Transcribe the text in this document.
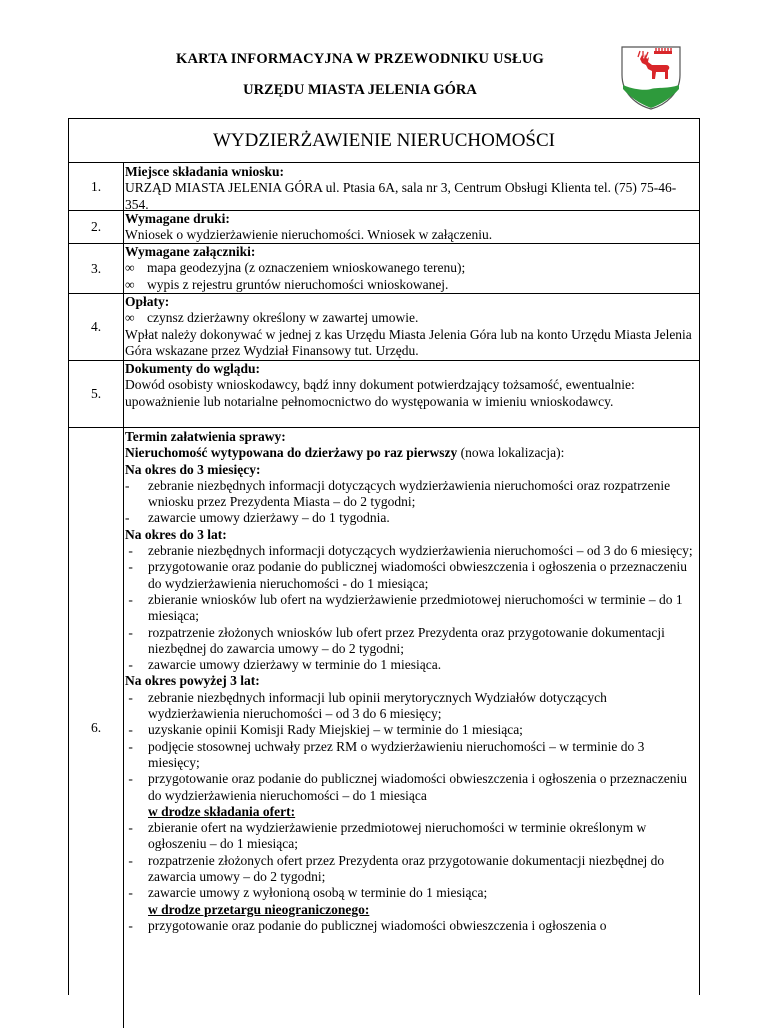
KARTA INFORMACYJNA W PRZEWODNIKU USŁUG
URZĘDU MIASTA JELENIA GÓRA
WYDZIERŻAWIENIE NIERUCHOMOŚCI
1.
Miejsce składania wniosku:
URZĄD MIASTA JELENIA GÓRA ul. Ptasia 6A, sala nr 3, Centrum Obsługi Klienta tel. (75) 75-46-354.
2.
Wymagane druki:
Wniosek o wydzierżawienie nieruchomości. Wniosek w załączeniu.
3.
Wymagane załączniki:
∞ mapa geodezyjna (z oznaczeniem wnioskowanego terenu);
∞ wypis z rejestru gruntów nieruchomości wnioskowanej.
4.
Opłaty:
∞ czynsz dzierżawny określony w zawartej umowie.
Wpłat należy dokonywać w jednej z kas Urzędu Miasta Jelenia Góra lub na konto Urzędu Miasta Jelenia Góra wskazane przez Wydział Finansowy tut. Urzędu.
5.
Dokumenty do wglądu:
Dowód osobisty wnioskodawcy, bądź inny dokument potwierdzający tożsamość, ewentualnie: upoważnienie lub notarialne pełnomocnictwo do występowania w imieniu wnioskodawcy.
6.
Termin załatwienia sprawy:
Nieruchomość wytypowana do dzierżawy po raz pierwszy (nowa lokalizacja):
Na okres do 3 miesięcy:
-	zebranie niezbędnych informacji dotyczących wydzierżawienia nieruchomości oraz rozpatrzenie wniosku przez Prezydenta Miasta – do 2 tygodni;
-	zawarcie umowy dzierżawy – do 1 tygodnia.
Na okres do 3 lat:
-	zebranie niezbędnych informacji dotyczących wydzierżawienia nieruchomości – od 3 do 6 miesięcy;
-	przygotowanie oraz podanie do publicznej wiadomości obwieszczenia i ogłoszenia o przeznaczeniu do wydzierżawienia nieruchomości - do 1 miesiąca;
-	zbieranie wniosków lub ofert na wydzierżawienie przedmiotowej nieruchomości w terminie – do 1 miesiąca;
-	rozpatrzenie złożonych wniosków lub ofert przez Prezydenta oraz przygotowanie dokumentacji niezbędnej do zawarcia umowy – do 2 tygodni;
-	zawarcie umowy dzierżawy w terminie do 1 miesiąca.
Na okres powyżej 3 lat:
-	zebranie niezbędnych informacji lub opinii merytorycznych Wydziałów dotyczących wydzierżawienia nieruchomości – od 3 do 6 miesięcy;
-	uzyskanie opinii Komisji Rady Miejskiej – w terminie do 1 miesiąca;
-	podjęcie stosownej uchwały przez RM o wydzierżawieniu nieruchomości – w terminie do 3 miesięcy;
-	przygotowanie oraz podanie do publicznej wiadomości obwieszczenia i ogłoszenia o przeznaczeniu do wydzierżawienia nieruchomości – do 1 miesiąca
w drodze składania ofert:
-	zbieranie ofert na wydzierżawienie przedmiotowej nieruchomości w terminie określonym w ogłoszeniu – do 1 miesiąca;
-	rozpatrzenie złożonych ofert przez Prezydenta oraz przygotowanie dokumentacji niezbędnej do zawarcia umowy – do 2 tygodni;
-	zawarcie umowy z wyłonioną osobą w terminie do 1 miesiąca;
w drodze przetargu nieograniczonego:
-	przygotowanie oraz podanie do publicznej wiadomości obwieszczenia i ogłoszenia o
